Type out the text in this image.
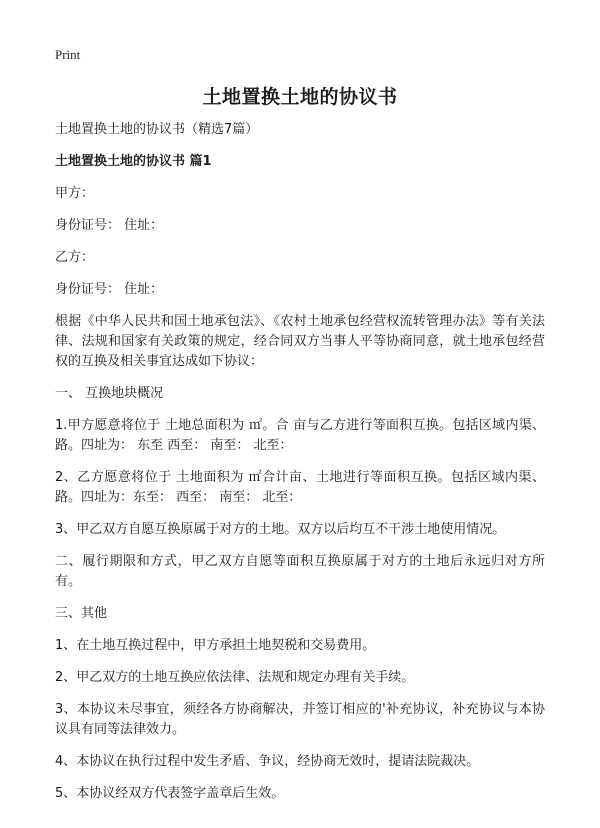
Print
土地置换土地的协议书

土地置换土地的协议书（精选7篇）

土地置换土地的协议书 篇1

甲方：

身份证号： 住址：

乙方：

身份证号： 住址：

根据《中华人民共和国土地承包法》、《农村土地承包经营权流转管理办法》等有关法律、法规和国家有关政策的规定，经合同双方当事人平等协商同意，就土地承包经营权的互换及相关事宜达成如下协议：

一、 互换地块概况

1.甲方愿意将位于 土地总面积为 ㎡。合 亩与乙方进行等面积互换。包括区域内渠、路。四址为： 东至 西至： 南至： 北至：

2、乙方愿意将位于 土地面积为 ㎡合计亩、土地进行等面积互换。包括区域内渠、路。四址为：东至： 西至： 南至： 北至：

3、甲乙双方自愿互换原属于对方的土地。双方以后均互不干涉土地使用情况。

二、履行期限和方式，甲乙双方自愿等面积互换原属于对方的土地后永远归对方所有。

三、其他

1、在土地互换过程中，甲方承担土地契税和交易费用。

2、甲乙双方的土地互换应依法律、法规和规定办理有关手续。

3、本协议未尽事宜，须经各方协商解决，并签订相应的'补充协议，补充协议与本协议具有同等法律效力。

4、本协议在执行过程中发生矛盾、争议，经协商无效时，提请法院裁决。

5、本协议经双方代表签字盖章后生效。
